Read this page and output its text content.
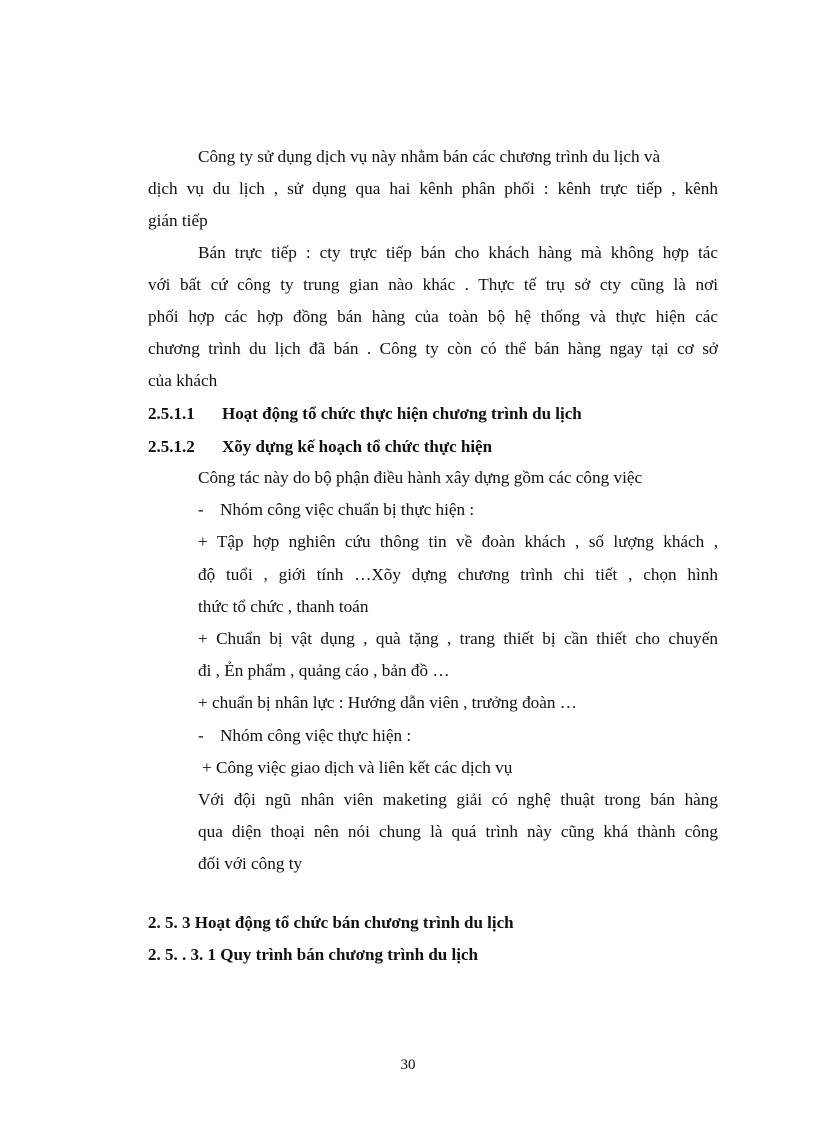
Công ty sử dụng dịch vụ này nhằm bán các chương trình du lịch và
dịch vụ du lịch , sử dụng qua hai kênh phân phối : kênh trực tiếp , kênh
gián tiếp
Bán trực tiếp : cty trực tiếp bán cho khách hàng mà không hợp tác
với bất cứ công ty trung gian nào khác . Thực tế trụ sở cty cũng là nơi
phối hợp các hợp đồng bán hàng của toàn bộ hệ thống và thực hiện các
chương trình du lịch đã bán . Công ty còn có thể bán hàng ngay tại cơ sở
của khách
2.5.1.1 Hoạt động tổ chức thực hiện chương trình du lịch
2.5.1.2 Xõy dựng kế hoạch tổ chức thực hiện
Công tác này do bộ phận điều hành xây dựng gồm các công việc
- Nhóm công việc chuẩn bị thực hiện :
+ Tập hợp nghiên cứu thông tin về đoàn khách , số lượng khách ,
độ tuổi , giới tính …Xõy dựng chương trình chi tiết , chọn hình
thức tổ chức , thanh toán
+ Chuẩn bị vật dụng , quà tặng , trang thiết bị cần thiết cho chuyến
đi , Ẻn phẩm , quảng cáo , bản đồ …
+ chuẩn bị nhân lực : Hướng dẫn viên , trưởng đoàn …
- Nhóm công việc thực hiện :
+ Công việc giao dịch và liên kết các dịch vụ
Với đội ngũ nhân viên maketing giải có nghệ thuật trong bán hàng
qua diện thoại nên nói chung là quá trình này cũng khá thành công
đối với công ty
2. 5. 3 Hoạt động tổ chức bán chương trình du lịch
2. 5. . 3. 1 Quy trình bán chương trình du lịch
30
